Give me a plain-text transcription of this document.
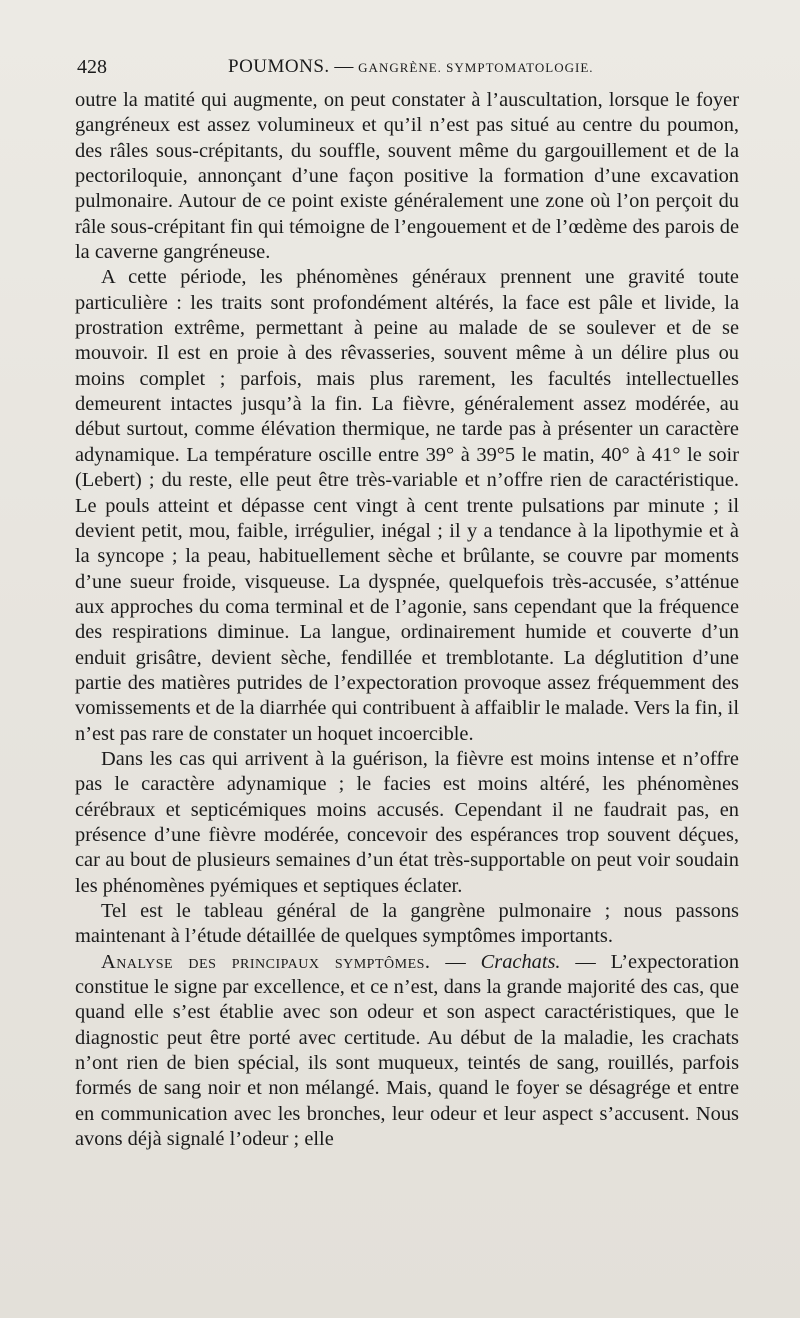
428	POUMONS. — GANGRÈNE. SYMPTOMATOLOGIE.

outre la matité qui augmente, on peut constater à l’auscultation, lorsque le foyer gangréneux est assez volumineux et qu’il n’est pas situé au centre du poumon, des râles sous-crépitants, du souffle, souvent même du gargouillement et de la pectoriloquie, annonçant d’une façon positive la formation d’une excavation pulmonaire. Autour de ce point existe généralement une zone où l’on perçoit du râle sous-crépitant fin qui témoigne de l’engouement et de l’œdème des parois de la caverne gangréneuse.

A cette période, les phénomènes généraux prennent une gravité toute particulière : les traits sont profondément altérés, la face est pâle et livide, la prostration extrême, permettant à peine au malade de se soulever et de se mouvoir. Il est en proie à des rêvasseries, souvent même à un délire plus ou moins complet ; parfois, mais plus rarement, les facultés intellectuelles demeurent intactes jusqu’à la fin. La fièvre, généralement assez modérée, au début surtout, comme élévation thermique, ne tarde pas à présenter un caractère adynamique. La température oscille entre 39° à 39°5 le matin, 40° à 41° le soir (Lebert) ; du reste, elle peut être très-variable et n’offre rien de caractéristique. Le pouls atteint et dépasse cent vingt à cent trente pulsations par minute ; il devient petit, mou, faible, irrégulier, inégal ; il y a tendance à la lipothymie et à la syncope ; la peau, habituellement sèche et brûlante, se couvre par moments d’une sueur froide, visqueuse. La dyspnée, quelquefois très-accusée, s’atténue aux approches du coma terminal et de l’agonie, sans cependant que la fréquence des respirations diminue. La langue, ordinairement humide et couverte d’un enduit grisâtre, devient sèche, fendillée et tremblotante. La déglutition d’une partie des matières putrides de l’expectoration provoque assez fréquemment des vomissements et de la diarrhée qui contribuent à affaiblir le malade. Vers la fin, il n’est pas rare de constater un hoquet incoercible.

Dans les cas qui arrivent à la guérison, la fièvre est moins intense et n’offre pas le caractère adynamique ; le facies est moins altéré, les phénomènes cérébraux et septicémiques moins accusés. Cependant il ne faudrait pas, en présence d’une fièvre modérée, concevoir des espérances trop souvent déçues, car au bout de plusieurs semaines d’un état très-supportable on peut voir soudain les phénomènes pyémiques et septiques éclater.

Tel est le tableau général de la gangrène pulmonaire ; nous passons maintenant à l’étude détaillée de quelques symptômes importants.

Analyse des principaux symptômes. — Crachats. — L’expectoration constitue le signe par excellence, et ce n’est, dans la grande majorité des cas, que quand elle s’est établie avec son odeur et son aspect caractéristiques, que le diagnostic peut être porté avec certitude. Au début de la maladie, les crachats n’ont rien de bien spécial, ils sont muqueux, teintés de sang, rouillés, parfois formés de sang noir et non mélangé. Mais, quand le foyer se désagrége et entre en communication avec les bronches, leur odeur et leur aspect s’accusent. Nous avons déjà signalé l’odeur ; elle
